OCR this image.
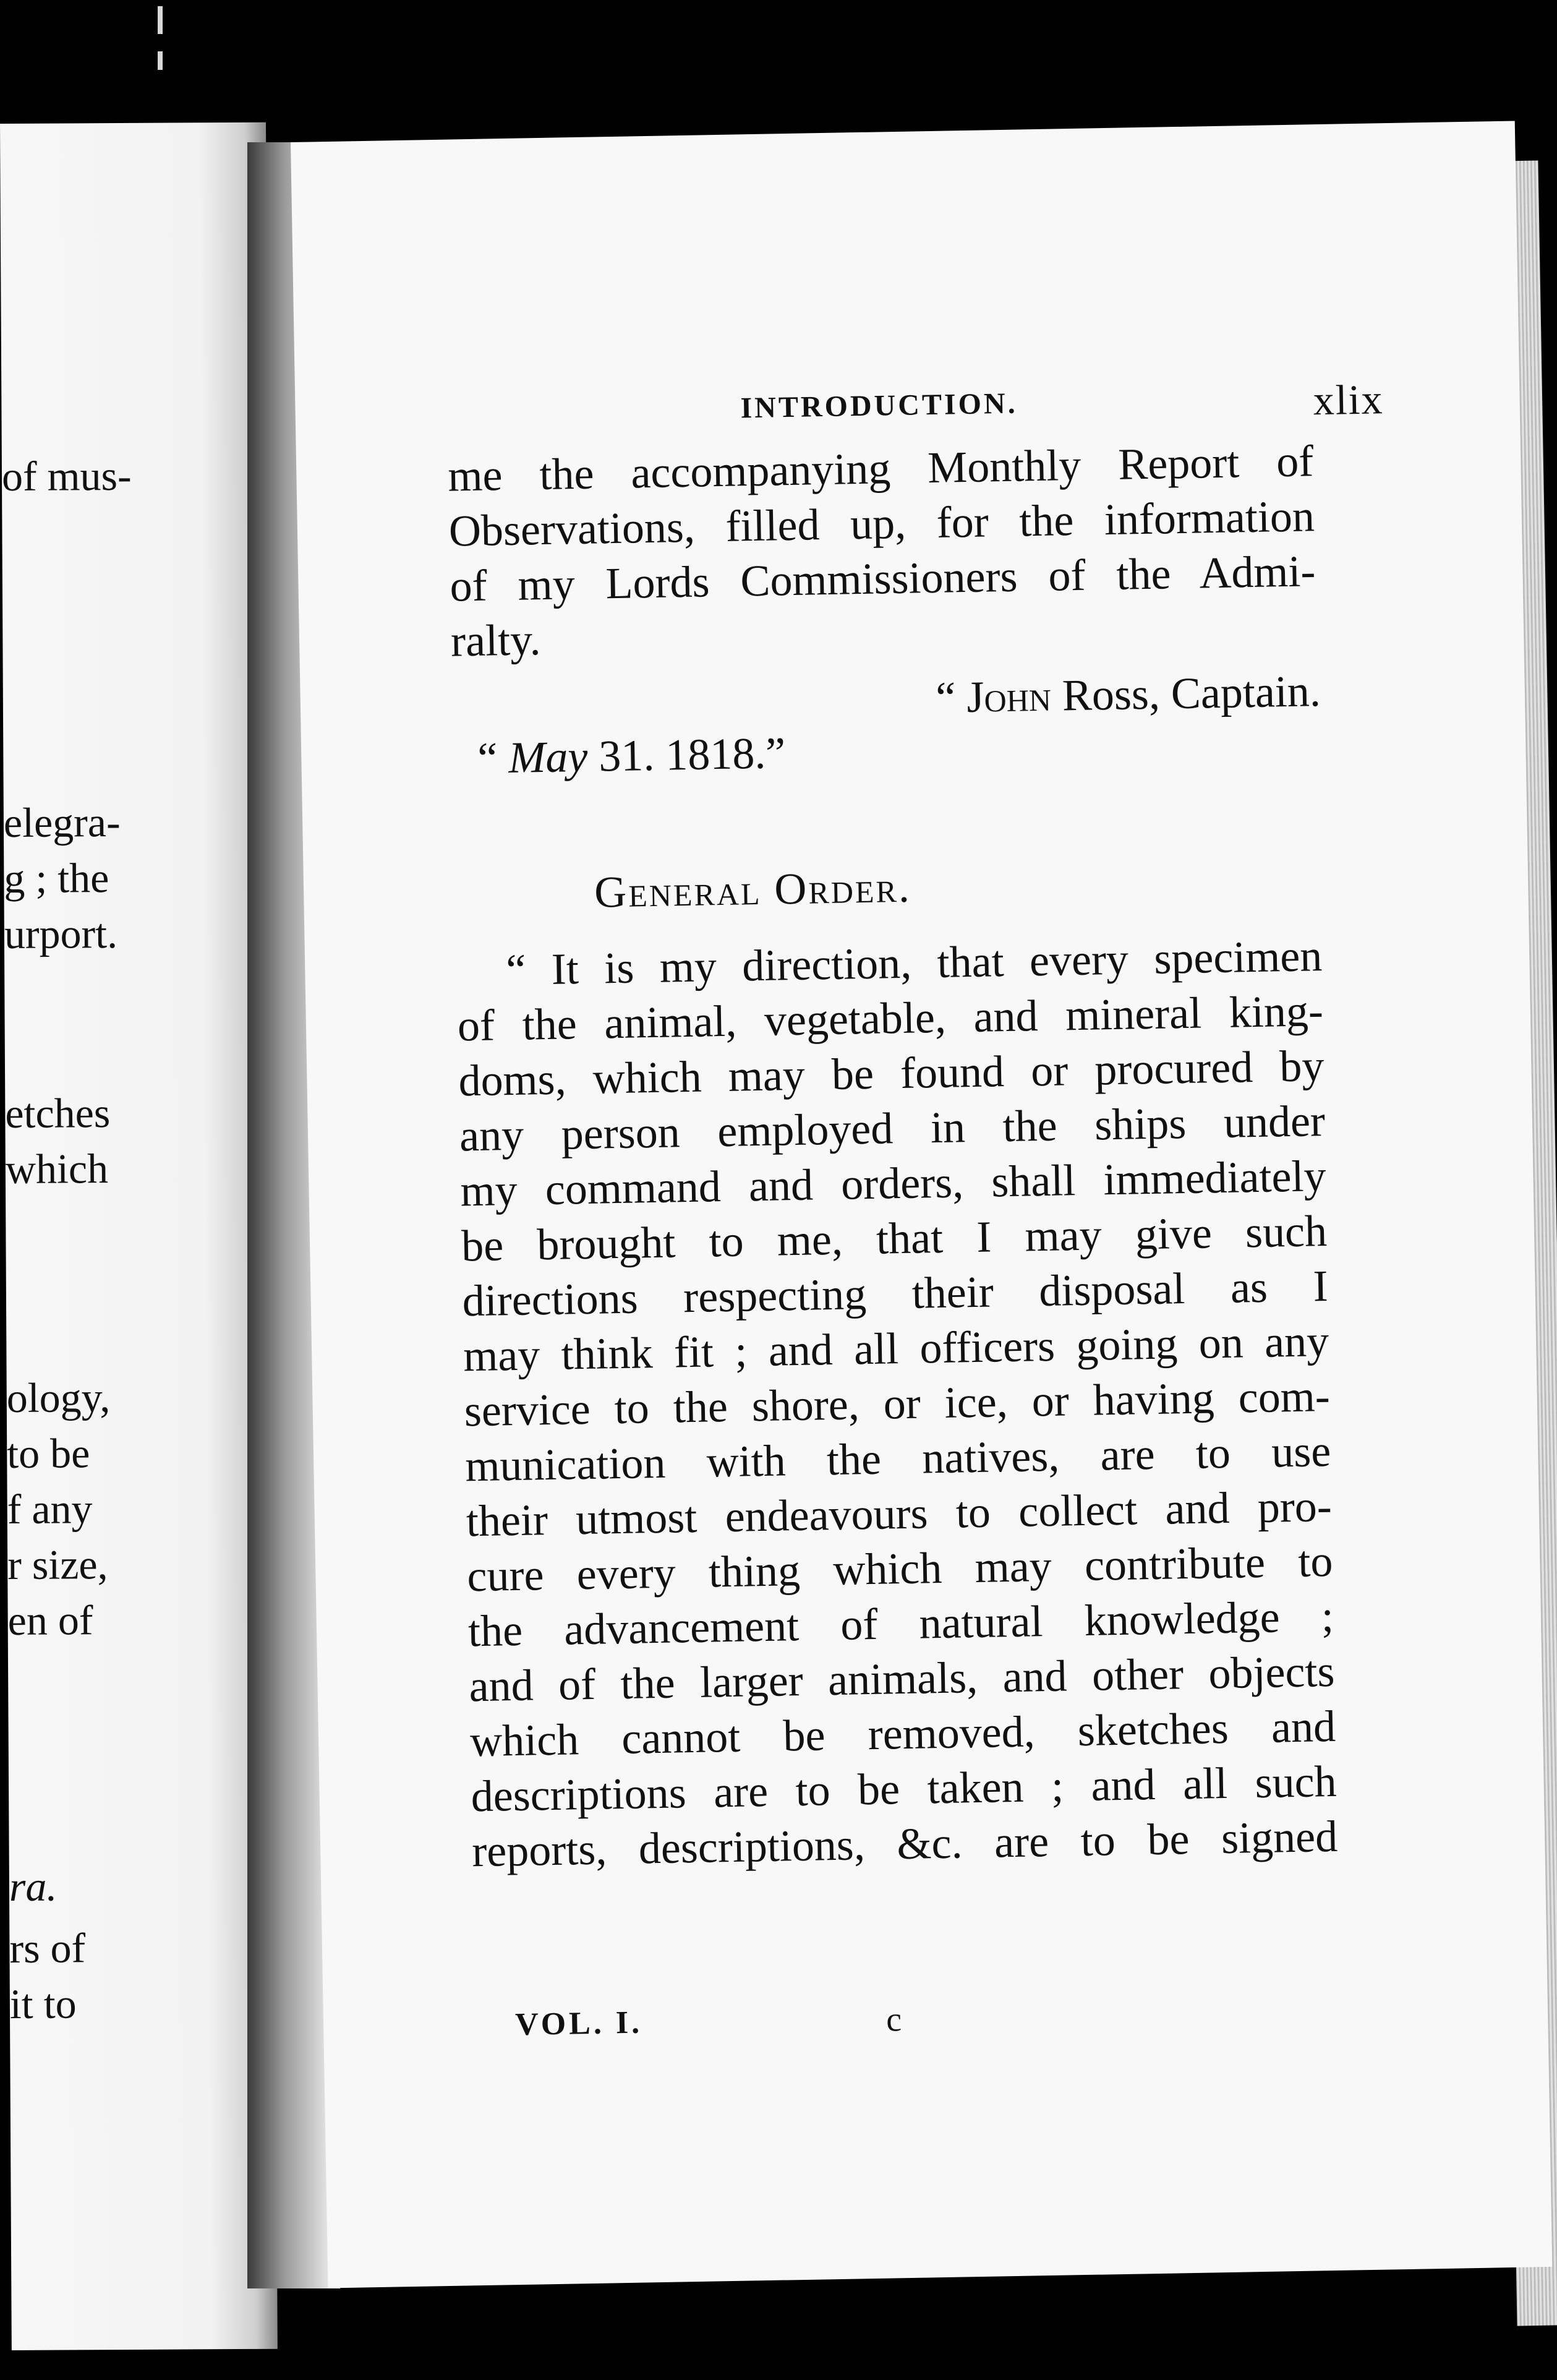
of mus-
elegra-
g ; the
urport.
etches
which
ology,
to be
f any
r size,
en of
ra.
rs of
it to
INTRODUCTION.	xlix
me the accompanying Monthly Report of
Observations, filled up, for the information
of my Lords Commissioners of the Admi-
ralty.
“ John Ross, Captain.
“ May 31. 1818.”
General Order.
“ It is my direction, that every specimen
of the animal, vegetable, and mineral king-
doms, which may be found or procured by
any person employed in the ships under
my command and orders, shall immediately
be brought to me, that I may give such
directions respecting their disposal as I
may think fit ; and all officers going on any
service to the shore, or ice, or having com-
munication with the natives, are to use
their utmost endeavours to collect and pro-
cure every thing which may contribute to
the advancement of natural knowledge ;
and of the larger animals, and other objects
which cannot be removed, sketches and
descriptions are to be taken ; and all such
reports, descriptions, &c. are to be signed
VOL. I.	c
